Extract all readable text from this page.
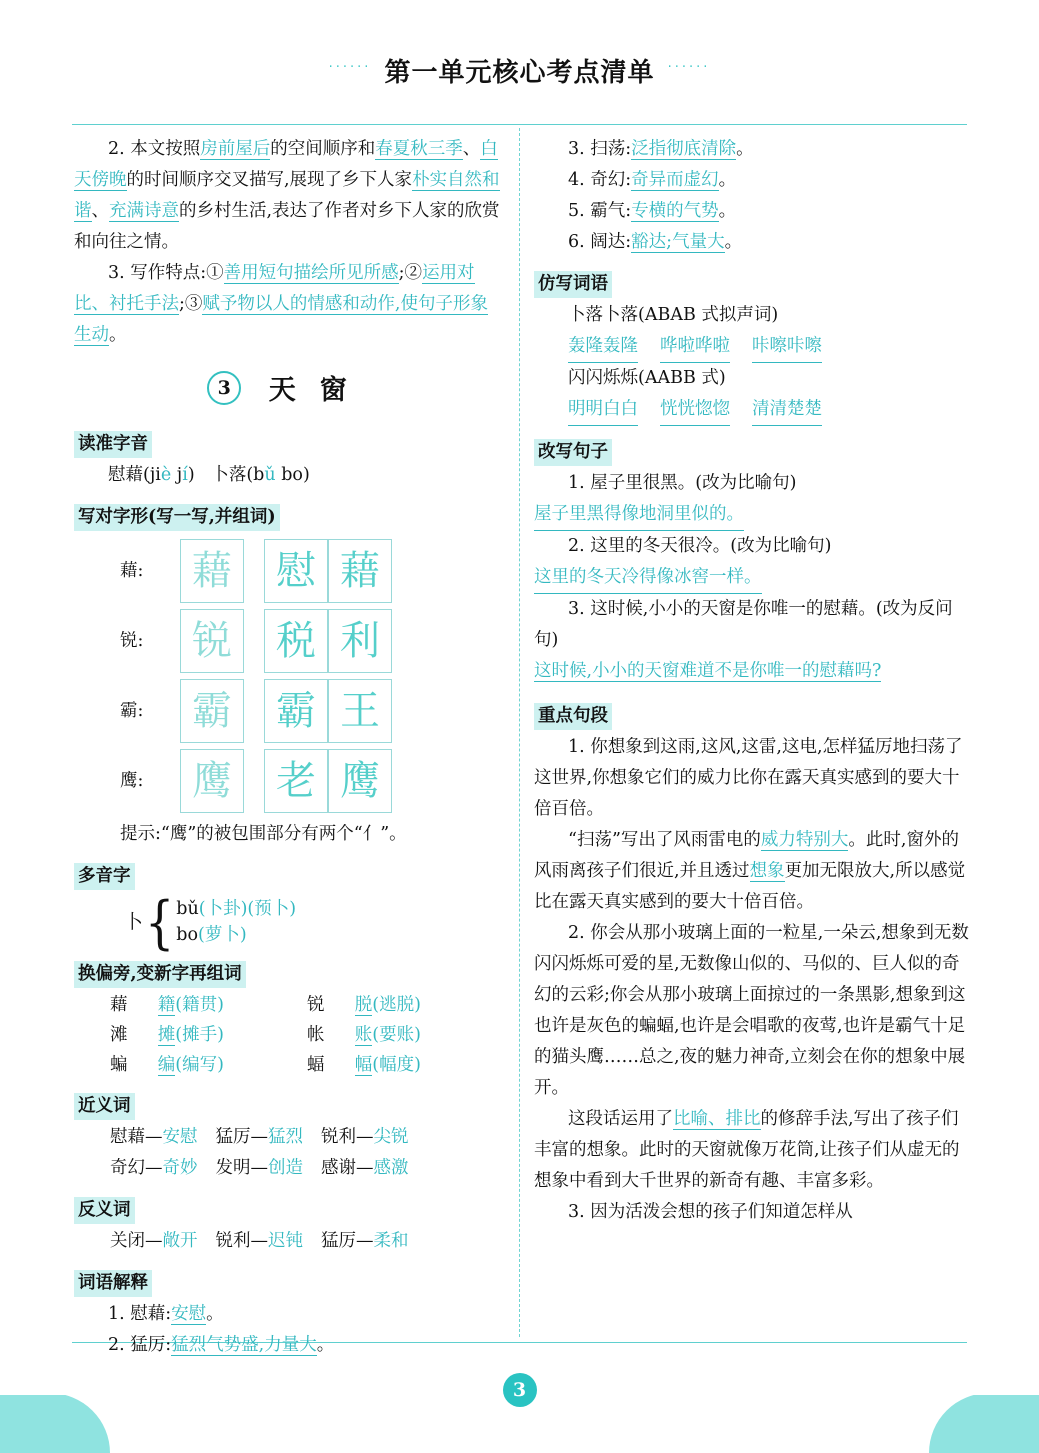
······ 第一单元核心考点清单 ······

2. 本文按照房前屋后的空间顺序和春夏秋三季、白天傍晚的时间顺序交叉描写,展现了乡下人家朴实自然和谐、充满诗意的乡村生活,表达了作者对乡下人家的欣赏和向往之情。

3. 写作特点:①善用短句描绘所见所感;②运用对比、衬托手法;③赋予物以人的情感和动作,使句子形象生动。

3 天窗
读准字音

慰藉(jiè jí) 卜落(bǔ bo)

写对字形(写一写,并组词)
藉:	藉	慰 藉
锐:	锐	税 利
霸:	霸	霸 王
鹰:	鹰	老 鹰

提示:“鹰”的被包围部分有两个“亻”。

多音字
卜 { bǔ(卜卦)(预卜)
bo(萝卜)
换偏旁,变新字再组词
藉	籍(籍贯)	锐	脱(逃脱)
滩	摊(摊手)	帐	账(要账)
蝙	编(编写)	蝠	幅(幅度)
近义词

慰藉—安慰 猛厉—猛烈 锐利—尖锐

奇幻—奇妙 发明—创造 感谢—感激

反义词

关闭—敞开 锐利—迟钝 猛厉—柔和

词语解释

1. 慰藉:安慰。

2. 猛厉:猛烈气势盛,力量大。

3. 扫荡:泛指彻底清除。

4. 奇幻:奇异而虚幻。

5. 霸气:专横的气势。

6. 阔达:豁达;气量大。

仿写词语

卜落卜落(ABAB 式拟声词)

轰隆轰隆 哗啦哗啦 咔嚓咔嚓

闪闪烁烁(AABB 式)

明明白白 恍恍惚惚 清清楚楚

改写句子

1. 屋子里很黑。(改为比喻句)

屋子里黑得像地洞里似的。

2. 这里的冬天很冷。(改为比喻句)

这里的冬天冷得像冰窖一样。

3. 这时候,小小的天窗是你唯一的慰藉。(改为反问句)

这时候,小小的天窗难道不是你唯一的慰藉吗?

重点句段

1. 你想象到这雨,这风,这雷,这电,怎样猛厉地扫荡了这世界,你想象它们的威力比你在露天真实感到的要大十倍百倍。

“扫荡”写出了风雨雷电的威力特别大。此时,窗外的风雨离孩子们很近,并且透过想象更加无限放大,所以感觉比在露天真实感到的要大十倍百倍。

2. 你会从那小玻璃上面的一粒星,一朵云,想象到无数闪闪烁烁可爱的星,无数像山似的、马似的、巨人似的奇幻的云彩;你会从那小玻璃上面掠过的一条黑影,想象到这也许是灰色的蝙蝠,也许是会唱歌的夜莺,也许是霸气十足的猫头鹰……总之,夜的魅力神奇,立刻会在你的想象中展开。

这段话运用了比喻、排比的修辞手法,写出了孩子们丰富的想象。此时的天窗就像万花筒,让孩子们从虚无的想象中看到大千世界的新奇有趣、丰富多彩。

3. 因为活泼会想的孩子们知道怎样从

3
